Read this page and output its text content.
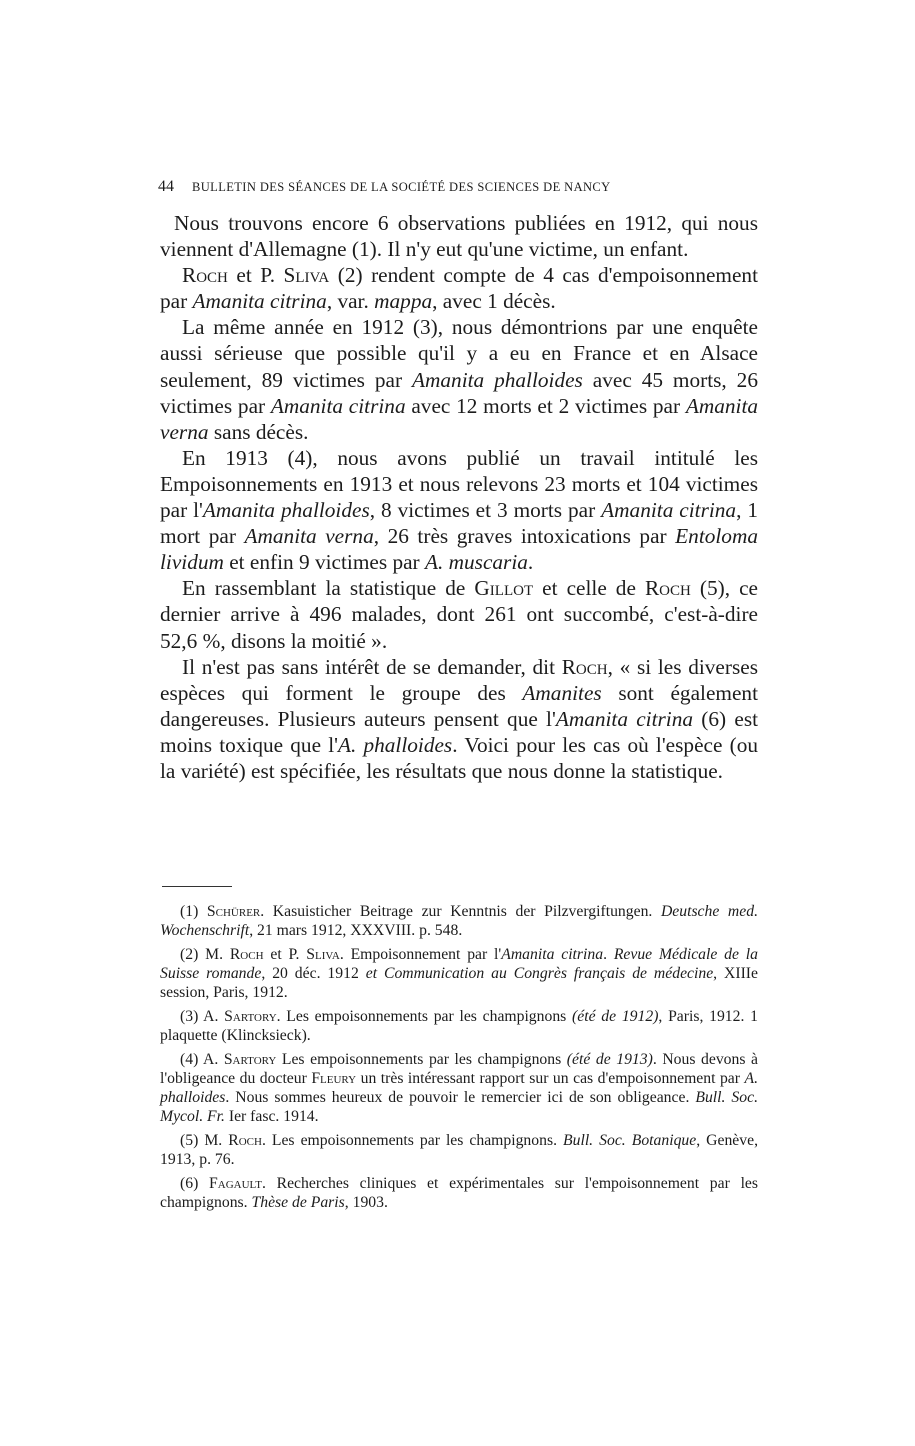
44 BULLETIN DES SÉANCES DE LA SOCIÉTÉ DES SCIENCES DE NANCY

Nous trouvons encore 6 observations publiées en 1912, qui nous viennent d'Allemagne (1). Il n'y eut qu'une victime, un enfant.

Roch et P. Sliva (2) rendent compte de 4 cas d'empoisonnement par Amanita citrina, var. mappa, avec 1 décès.

La même année en 1912 (3), nous démontrions par une enquête aussi sérieuse que possible qu'il y a eu en France et en Alsace seulement, 89 victimes par Amanita phalloides avec 45 morts, 26 victimes par Amanita citrina avec 12 morts et 2 victimes par Amanita verna sans décès.

En 1913 (4), nous avons publié un travail intitulé les Empoisonnements en 1913 et nous relevons 23 morts et 104 victimes par l'Amanita phalloides, 8 victimes et 3 morts par Amanita citrina, 1 mort par Amanita verna, 26 très graves intoxications par Entoloma lividum et enfin 9 victimes par A. muscaria.

En rassemblant la statistique de Gillot et celle de Roch (5), ce dernier arrive à 496 malades, dont 261 ont succombé, c'est-à-dire 52,6 %, disons la moitié ».

Il n'est pas sans intérêt de se demander, dit Roch, « si les diverses espèces qui forment le groupe des Amanites sont également dangereuses. Plusieurs auteurs pensent que l'Amanita citrina (6) est moins toxique que l'A. phalloides. Voici pour les cas où l'espèce (ou la variété) est spécifiée, les résultats que nous donne la statistique.

(1) Schürer. Kasuisticher Beitrage zur Kenntnis der Pilzvergiftungen. Deutsche med. Wochenschrift, 21 mars 1912, XXXVIII. p. 548.

(2) M. Roch et P. Sliva. Empoisonnement par l'Amanita citrina. Revue Médicale de la Suisse romande, 20 déc. 1912 et Communication au Congrès français de médecine, XIIIe session, Paris, 1912.

(3) A. Sartory. Les empoisonnements par les champignons (été de 1912), Paris, 1912. 1 plaquette (Klincksieck).

(4) A. Sartory Les empoisonnements par les champignons (été de 1913). Nous devons à l'obligeance du docteur Fleury un très intéressant rapport sur un cas d'empoisonnement par A. phalloides. Nous sommes heureux de pouvoir le remercier ici de son obligeance. Bull. Soc. Mycol. Fr. Ier fasc. 1914.

(5) M. Roch. Les empoisonnements par les champignons. Bull. Soc. Botanique, Genève, 1913, p. 76.

(6) Fagault. Recherches cliniques et expérimentales sur l'empoisonnement par les champignons. Thèse de Paris, 1903.
